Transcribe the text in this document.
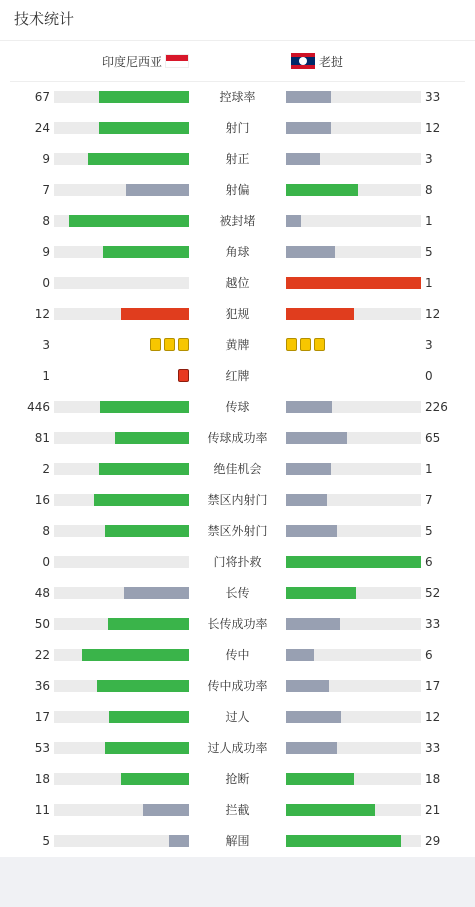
技术统计
印度尼西亚	老挝
67	控球率	33
24	射门	12
9	射正	3
7	射偏	8
8	被封堵	1
9	角球	5
0	越位	1
12	犯规	12
3	黄牌	3
1	红牌	0
446	传球	226
81	传球成功率	65
2	绝佳机会	1
16	禁区内射门	7
8	禁区外射门	5
0	门将扑救	6
48	长传	52
50	长传成功率	33
22	传中	6
36	传中成功率	17
17	过人	12
53	过人成功率	33
18	抢断	18
11	拦截	21
5	解围	29
